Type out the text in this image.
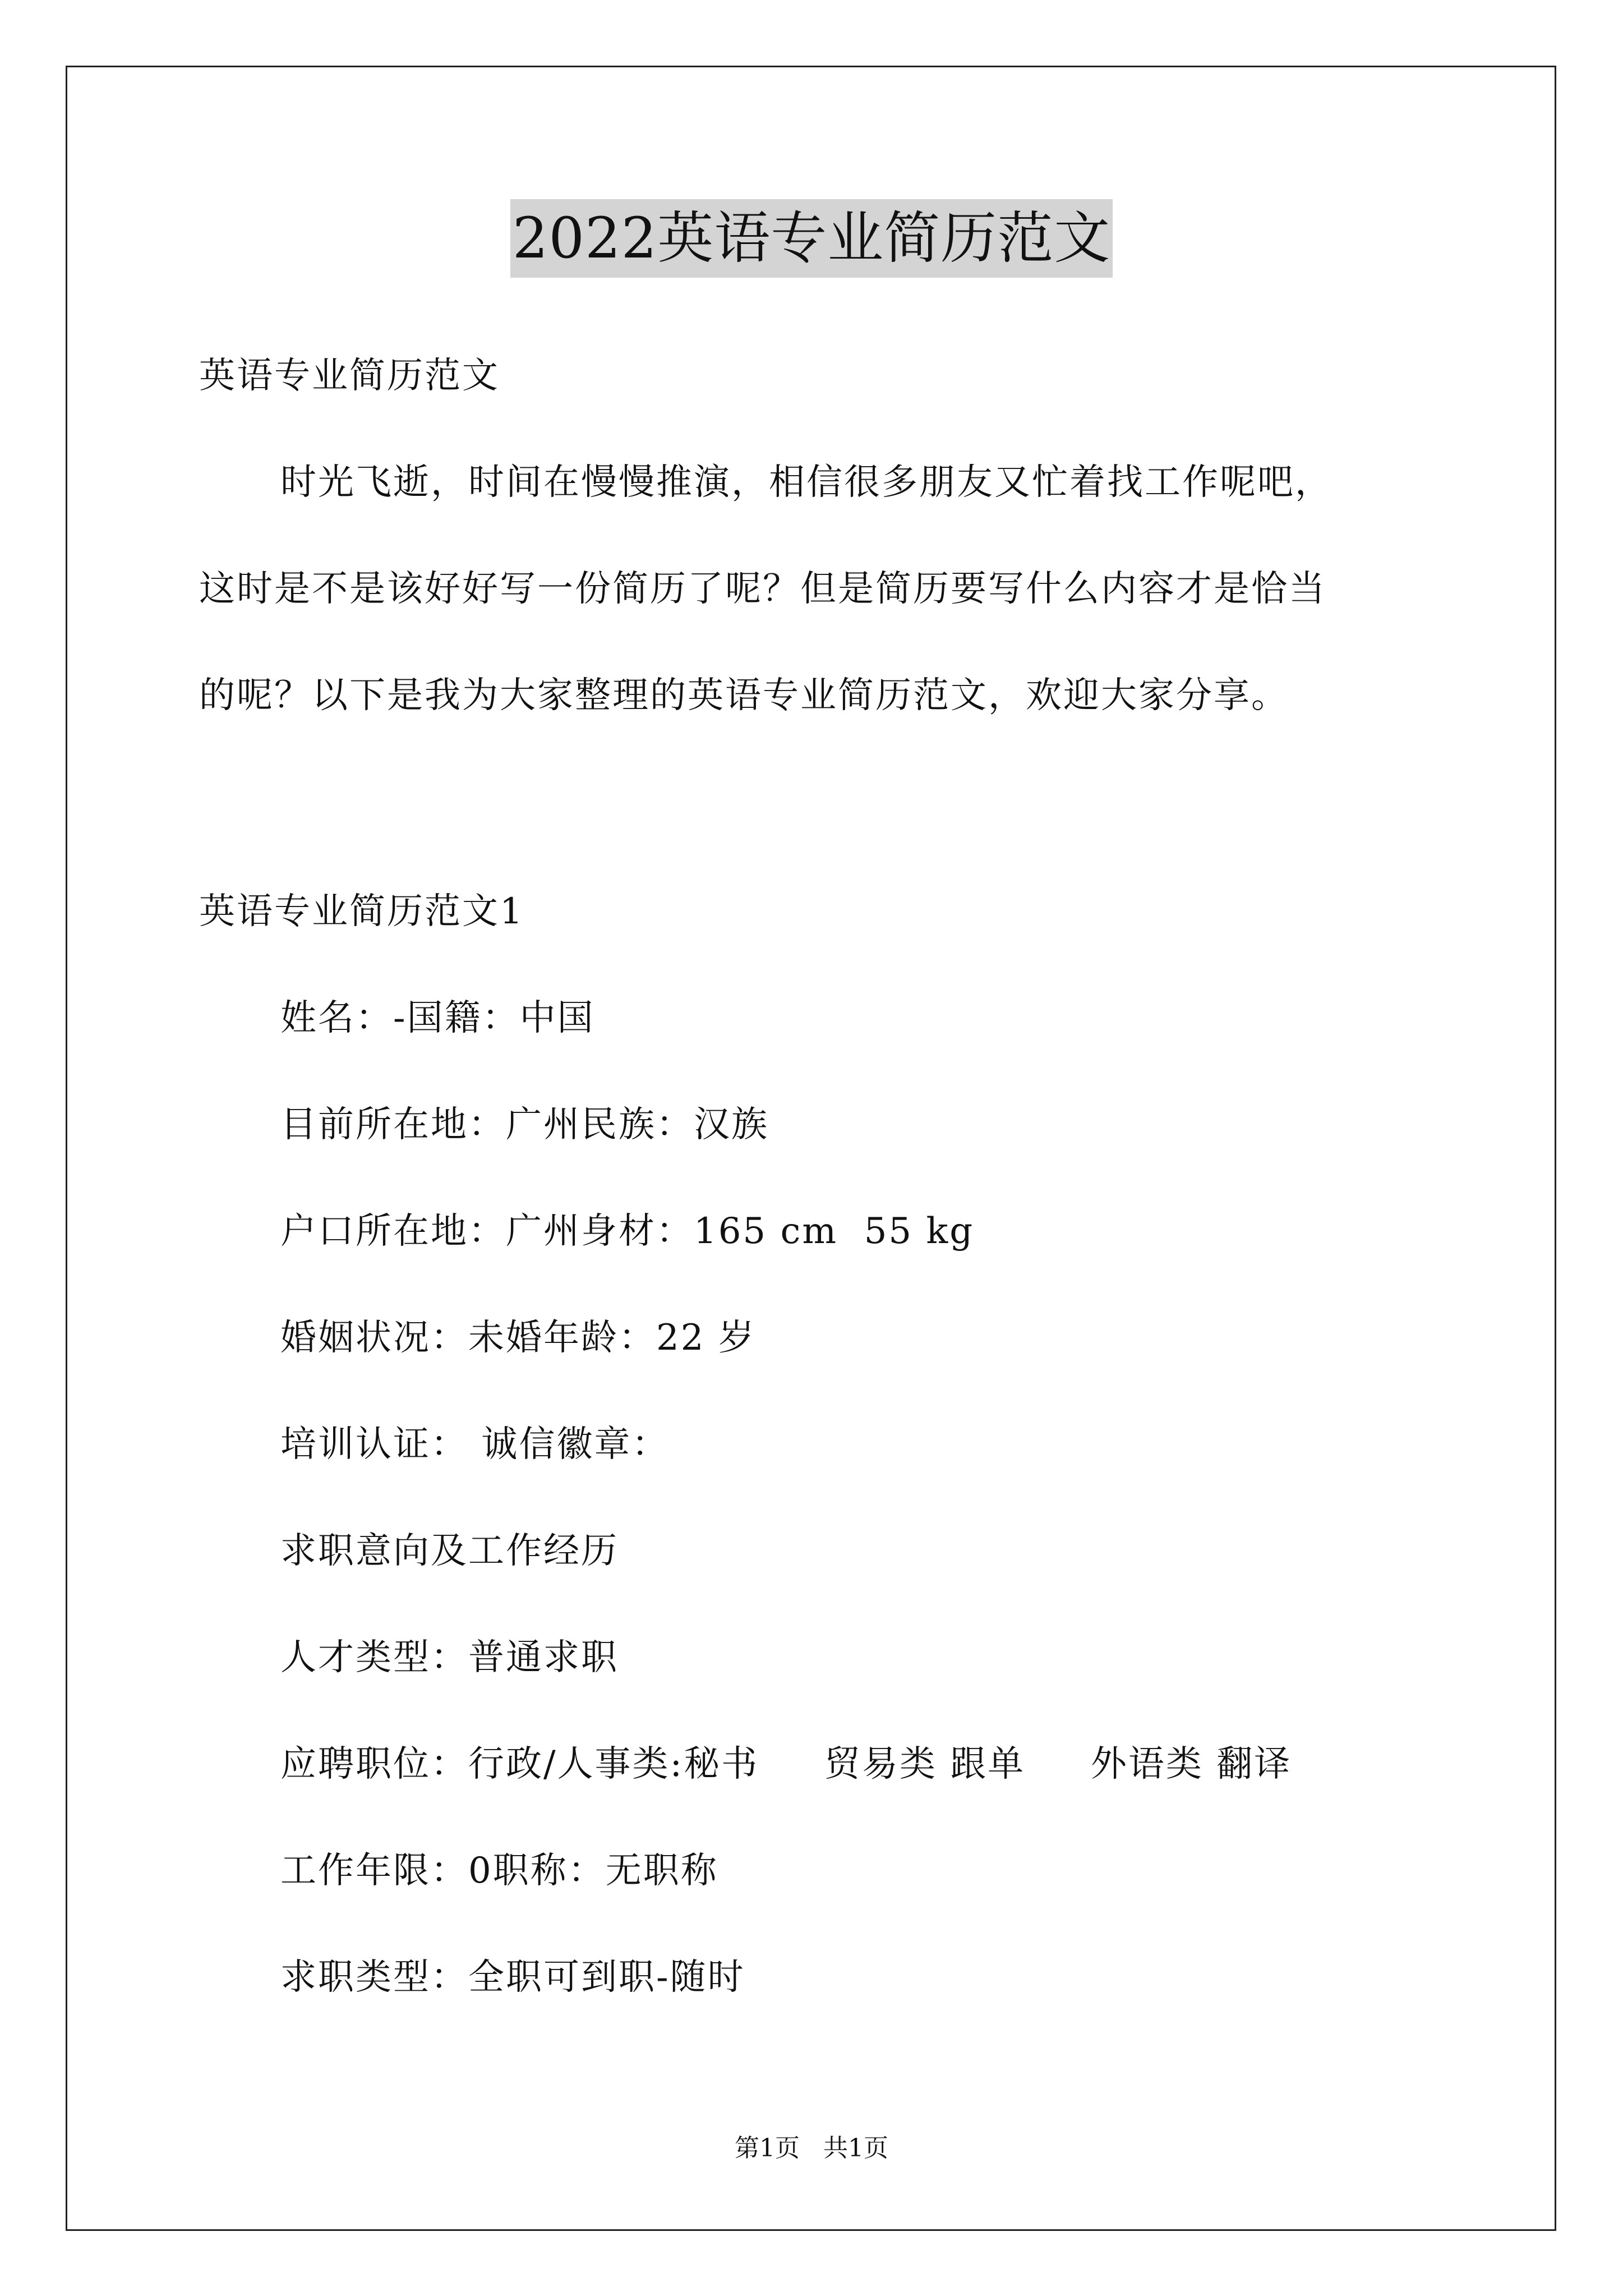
2022英语专业简历范文
英语专业简历范文
时光飞逝，时间在慢慢推演，相信很多朋友又忙着找工作呢吧，
这时是不是该好好写一份简历了呢？但是简历要写什么内容才是恰当
的呢？以下是我为大家整理的英语专业简历范文，欢迎大家分享。
英语专业简历范文1
姓名：-国籍：中国
目前所在地：广州民族：汉族
户口所在地：广州身材：165 cm  55 kg
婚姻状况：未婚年龄：22 岁
培训认证： 诚信徽章：
求职意向及工作经历
人才类型：普通求职
应聘职位：行政/人事类:秘书     贸易类 跟单     外语类 翻译
工作年限：0职称：无职称
求职类型：全职可到职-随时
第1页   共1页
